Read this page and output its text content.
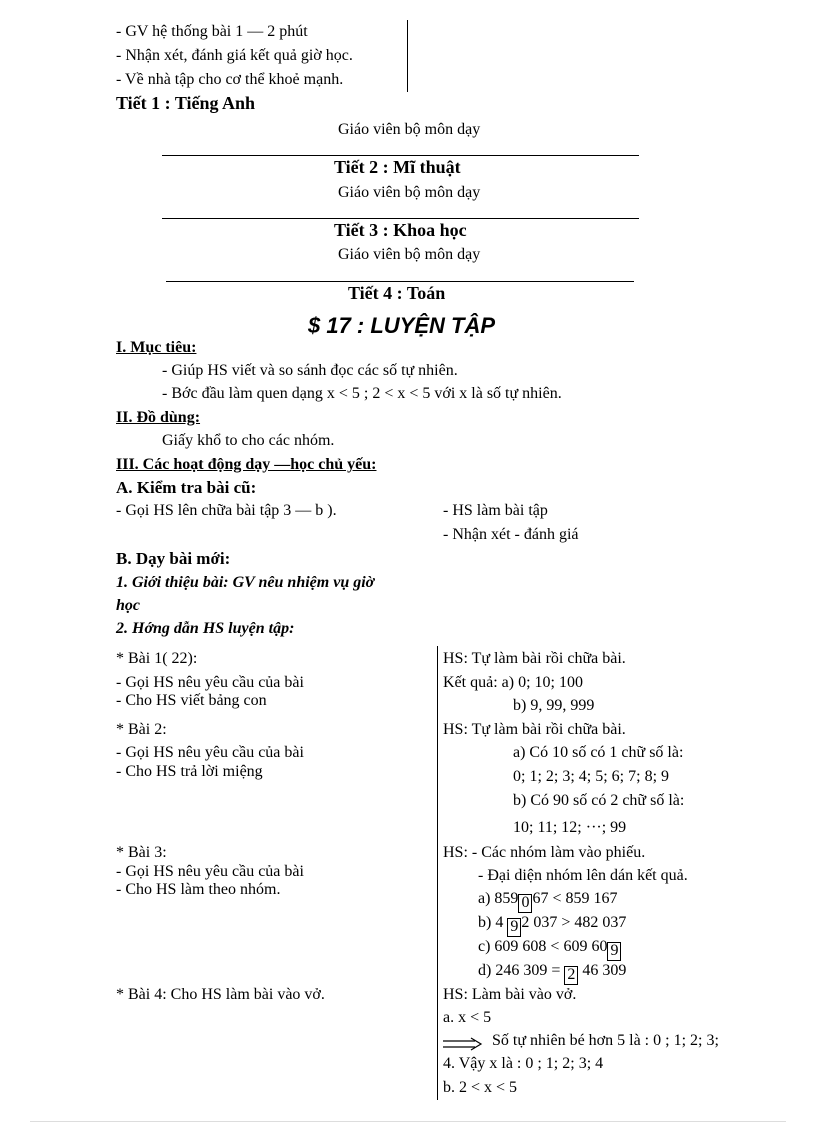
- GV hệ thống bài 1 — 2 phút
- Nhận xét, đánh giá kết quả giờ học.
- Về nhà tập cho cơ thể khoẻ mạnh.
Tiết 1 : Tiếng Anh
Giáo viên bộ môn dạy
Tiết 2 : Mĩ thuật
Giáo viên bộ môn dạy
Tiết 3 : Khoa học
Giáo viên bộ môn dạy
Tiết 4 : Toán
$ 17 : LUYỆN TẬP
I. Mục tiêu:
- Giúp HS viết và so sánh đọc các số tự nhiên.
- Bớc đầu làm quen dạng x < 5 ; 2 < x < 5 với x là số tự nhiên.
II. Đồ dùng:
Giấy khổ to cho các nhóm.
III. Các hoạt động dạy —học chủ yếu:
A. Kiểm tra bài cũ:
- Gọi HS lên chữa bài tập 3 — b ).	- HS làm bài tập
- Nhận xét - đánh giá
B. Dạy bài mới:
1. Giới thiệu bài: GV nêu nhiệm vụ giờ
học
2. Hớng dẫn HS luyện tập:
* Bài 1( 22):
- Gọi HS nêu yêu cầu của bài
- Cho HS viết bảng con
* Bài 2:
- Gọi HS nêu yêu cầu của bài
- Cho HS trả lời miệng
* Bài 3:
- Gọi HS nêu yêu cầu của bài
- Cho HS làm theo nhóm.
* Bài 4: Cho HS làm bài vào vở.
HS: Tự làm bài rồi chữa bài.
Kết quả: a) 0; 10; 100
b) 9, 99, 999
HS: Tự làm bài rồi chữa bài.
a) Có 10 số có 1 chữ số là:
0; 1; 2; 3; 4; 5; 6; 7; 8; 9
b) Có 90 số có 2 chữ số là:
10; 11; 12; ···; 99
HS: - Các nhóm làm vào phiếu.
- Đại diện nhóm lên dán kết quả.
a) 859 0 67 < 859 167
b) 4 9 2 037 > 482 037
c) 609 608 < 609 60 9
d) 246 309 = 2 46 309
HS: Làm bài vào vở.
a. x < 5
Số tự nhiên bé hơn 5 là : 0 ; 1; 2; 3;
4. Vậy x là : 0 ; 1; 2; 3; 4
b. 2 < x < 5
